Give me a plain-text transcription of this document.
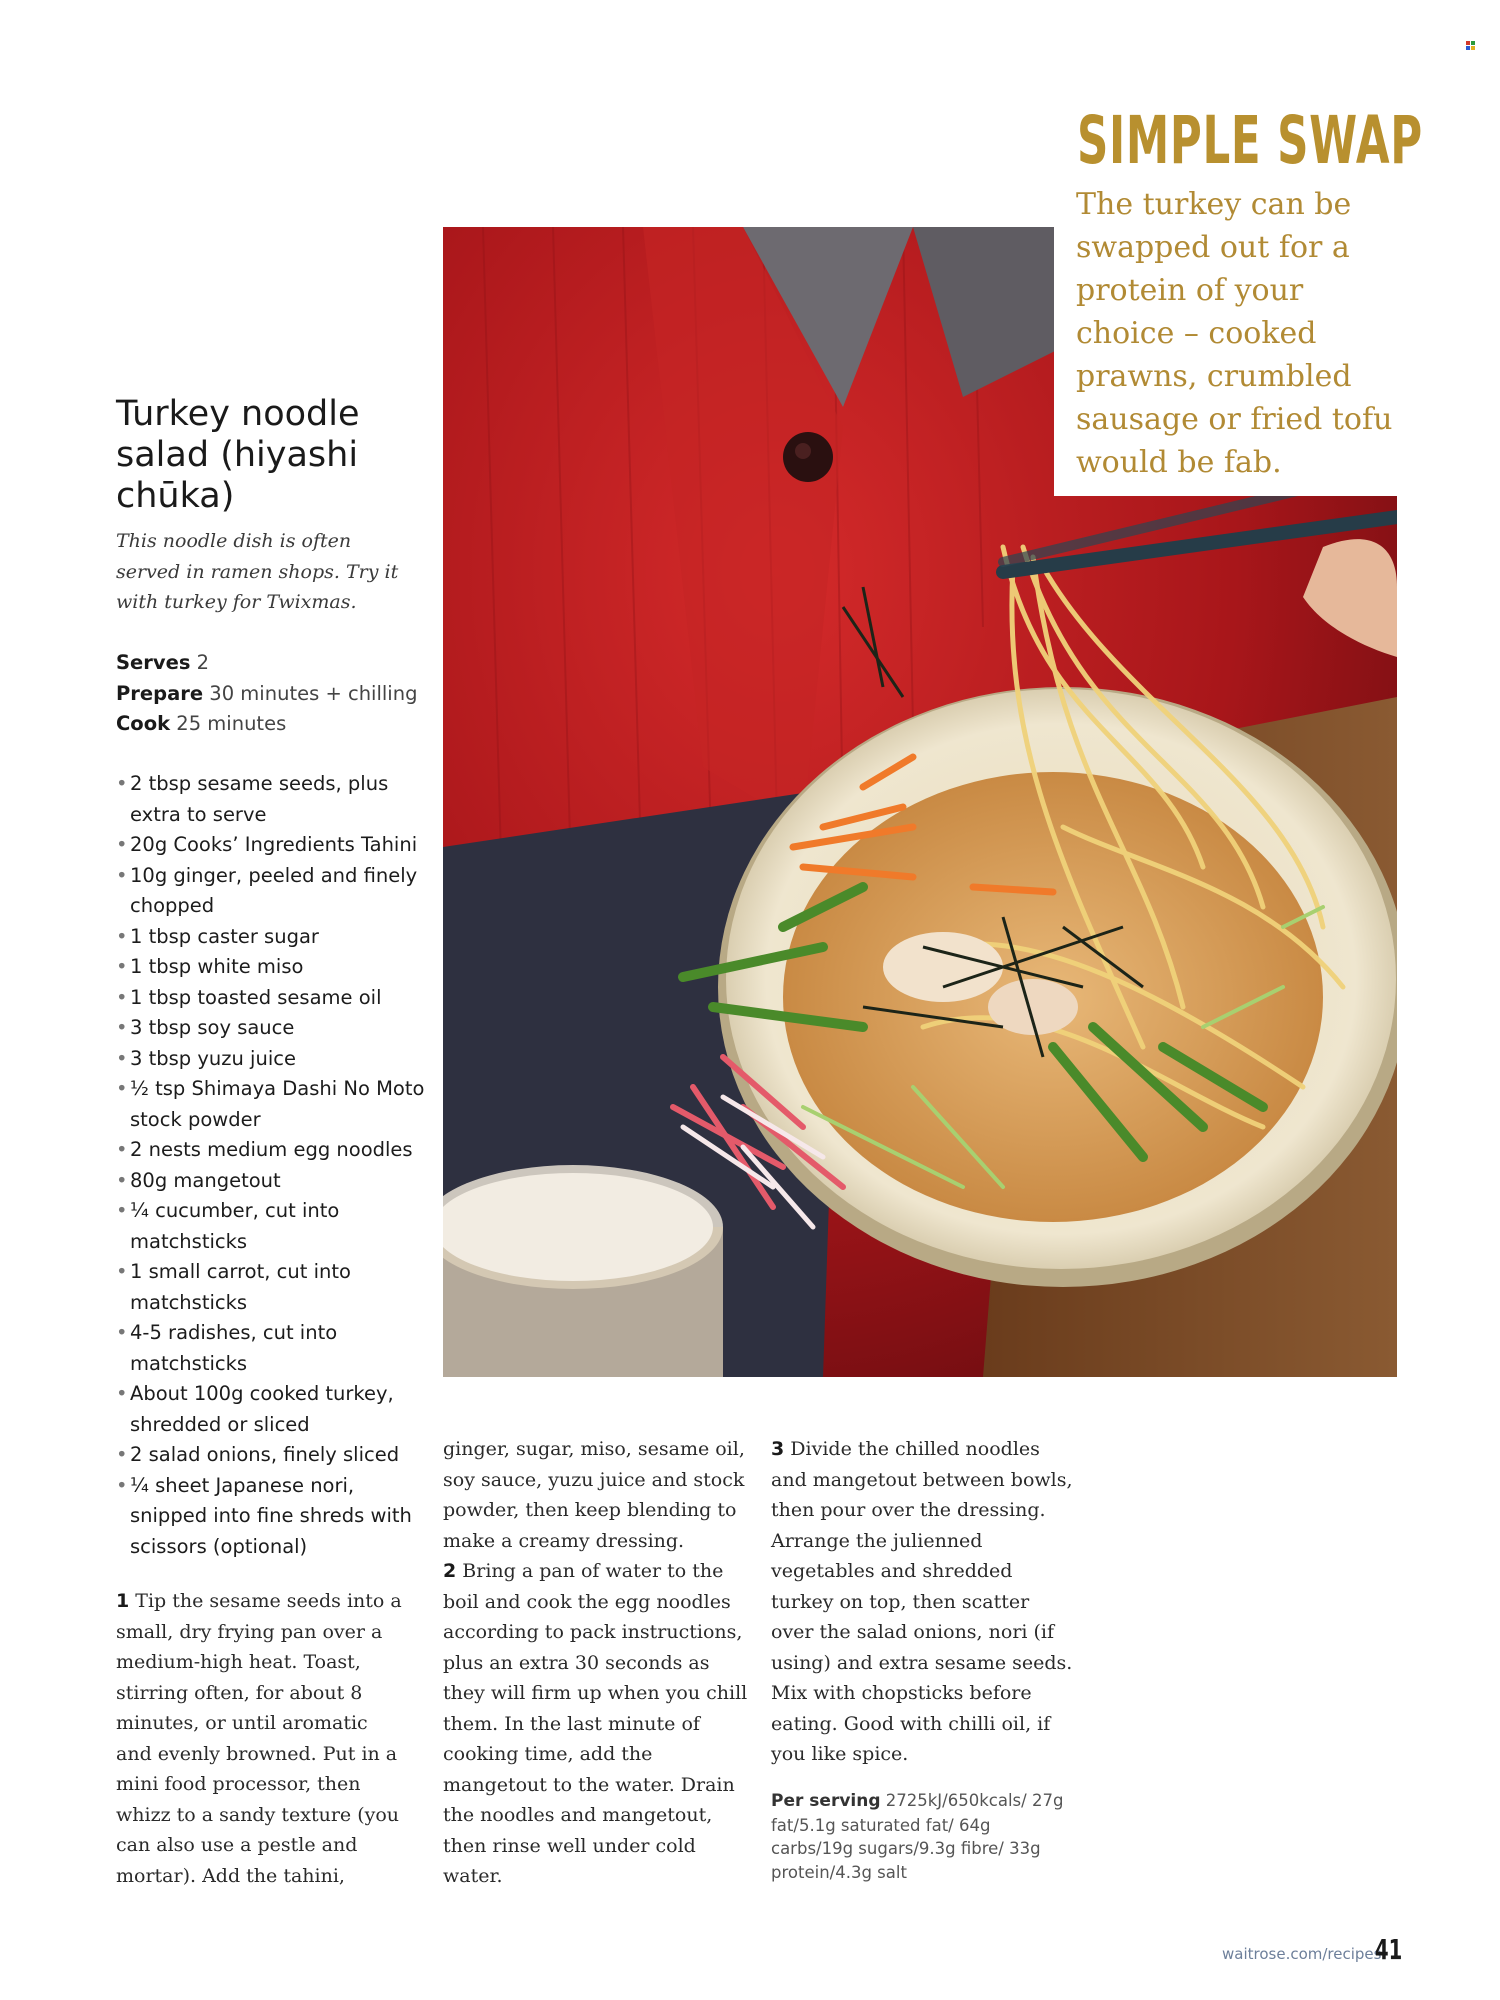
SIMPLE SWAP
The turkey can be swapped out for a protein of your choice – cooked prawns, crumbled sausage or fried tofu would be fab.
Turkey noodle salad (hiyashi chūka)
This noodle dish is often served in ramen shops. Try it with turkey for Twixmas.
Serves 2
Prepare 30 minutes + chilling
Cook 25 minutes
• 2 tbsp sesame seeds, plus extra to serve
• 20g Cooks’ Ingredients Tahini
• 10g ginger, peeled and finely chopped
• 1 tbsp caster sugar
• 1 tbsp white miso
• 1 tbsp toasted sesame oil
• 3 tbsp soy sauce
• 3 tbsp yuzu juice
• ½ tsp Shimaya Dashi No Moto stock powder
• 2 nests medium egg noodles
• 80g mangetout
• ¼ cucumber, cut into matchsticks
• 1 small carrot, cut into matchsticks
• 4-5 radishes, cut into matchsticks
• About 100g cooked turkey, shredded or sliced
• 2 salad onions, finely sliced
• ¼ sheet Japanese nori, snipped into fine shreds with scissors (optional)
1 Tip the sesame seeds into a small, dry frying pan over a medium-high heat. Toast, stirring often, for about 8 minutes, or until aromatic and evenly browned. Put in a mini food processor, then whizz to a sandy texture (you can also use a pestle and mortar). Add the tahini,
ginger, sugar, miso, sesame oil, soy sauce, yuzu juice and stock powder, then keep blending to make a creamy dressing.
2 Bring a pan of water to the boil and cook the egg noodles according to pack instructions, plus an extra 30 seconds as they will firm up when you chill them. In the last minute of cooking time, add the mangetout to the water. Drain the noodles and mangetout, then rinse well under cold water.
3 Divide the chilled noodles and mangetout between bowls, then pour over the dressing. Arrange the julienned vegetables and shredded turkey on top, then scatter over the salad onions, nori (if using) and extra sesame seeds. Mix with chopsticks before eating. Good with chilli oil, if you like spice.
Per serving 2725kJ/650kcals/ 27g fat/5.1g saturated fat/ 64g carbs/19g sugars/9.3g fibre/ 33g protein/4.3g salt
waitrose.com/recipes
41
